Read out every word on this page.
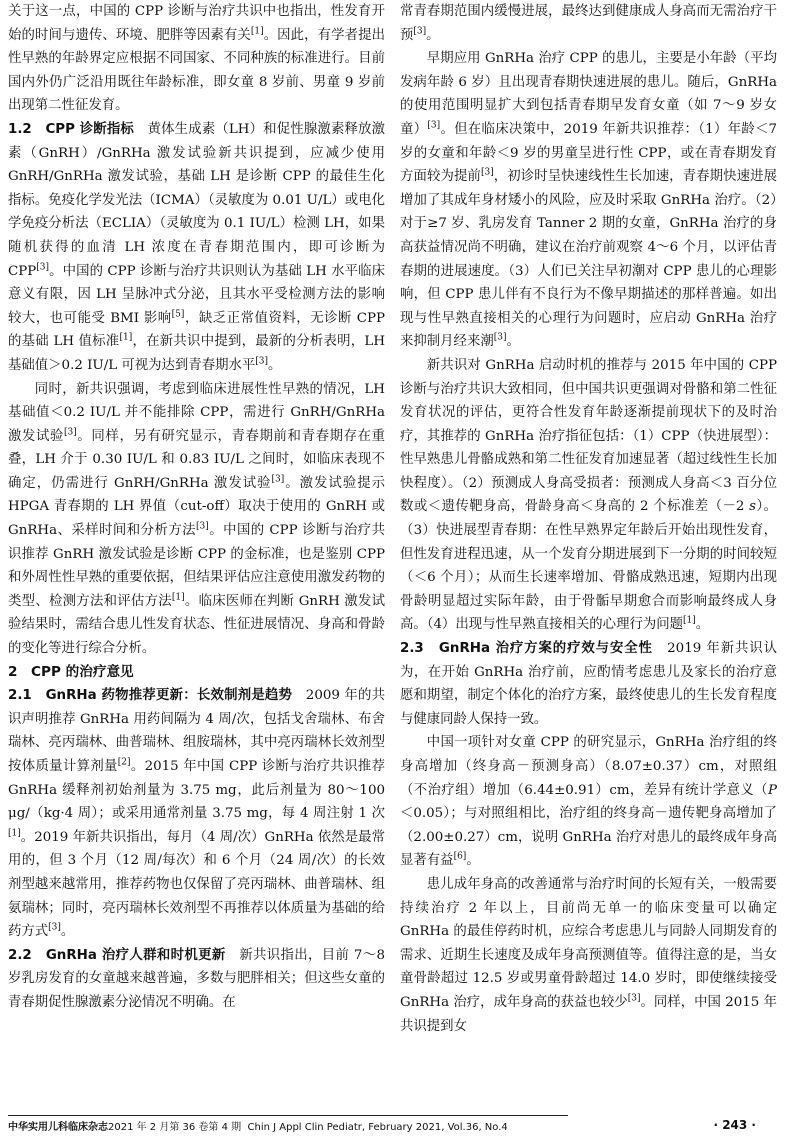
关于这一点，中国的 CPP 诊断与治疗共识中也指出，性发育开始的时间与遗传、环境、肥胖等因素有关[1]。因此，有学者提出性早熟的年龄界定应根据不同国家、不同种族的标准进行。目前国内外仍广泛沿用既往年龄标准，即女童 8 岁前、男童 9 岁前出现第二性征发育。

1.2　CPP 诊断指标　黄体生成素（LH）和促性腺激素释放激素（GnRH）/GnRHa 激发试验新共识提到，应减少使用 GnRH/GnRHa 激发试验，基础 LH 是诊断 CPP 的最佳生化指标。免疫化学发光法（ICMA）（灵敏度为 0.01 U/L）或电化学免疫分析法（ECLIA）（灵敏度为 0.1 IU/L）检测 LH，如果随机获得的血清 LH 浓度在青春期范围内，即可诊断为 CPP[3]。中国的 CPP 诊断与治疗共识则认为基础 LH 水平临床意义有限，因 LH 呈脉冲式分泌，且其水平受检测方法的影响较大，也可能受 BMI 影响[5]，缺乏正常值资料，无诊断 CPP 的基础 LH 值标准[1]，在新共识中提到，最新的分析表明，LH 基础值＞0.2 IU/L 可视为达到青春期水平[3]。

同时，新共识强调，考虑到临床进展性性早熟的情况，LH 基础值＜0.2 IU/L 并不能排除 CPP，需进行 GnRH/GnRHa 激发试验[3]。同样，另有研究显示，青春期前和青春期存在重叠，LH 介于 0.30 IU/L 和 0.83 IU/L 之间时，如临床表现不确定，仍需进行 GnRH/GnRHa 激发试验[3]。激发试验提示 HPGA 青春期的 LH 界值（cut-off）取决于使用的 GnRH 或 GnRHa、采样时间和分析方法[3]。中国的 CPP 诊断与治疗共识推荐 GnRH 激发试验是诊断 CPP 的金标准，也是鉴别 CPP 和外周性性早熟的重要依据，但结果评估应注意使用激发药物的类型、检测方法和评估方法[1]。临床医师在判断 GnRH 激发试验结果时，需结合患儿性发育状态、性征进展情况、身高和骨龄的变化等进行综合分析。

2　CPP 的治疗意见

2.1　GnRHa 药物推荐更新：长效制剂是趋势　2009 年的共识声明推荐 GnRHa 用药间隔为 4 周/次，包括戈舍瑞林、布舍瑞林、亮丙瑞林、曲普瑞林、组胺瑞林，其中亮丙瑞林长效剂型按体质量计算剂量[2]。2015 年中国 CPP 诊断与治疗共识推荐 GnRHa 缓释剂初始剂量为 3.75 mg，此后剂量为 80～100 μg/（kg·4 周）；或采用通常剂量 3.75 mg，每 4 周注射 1 次[1]。2019 年新共识指出，每月（4 周/次）GnRHa 依然是最常用的，但 3 个月（12 周/每次）和 6 个月（24 周/次）的长效剂型越来越常用，推荐药物也仅保留了亮丙瑞林、曲普瑞林、组氨瑞林；同时，亮丙瑞林长效剂型不再推荐以体质量为基础的给药方式[3]。

2.2　GnRHa 治疗人群和时机更新　新共识指出，目前 7～8 岁乳房发育的女童越来越普遍，多数与肥胖相关；但这些女童的青春期促性腺激素分泌情况不明确。在

常青春期范围内缓慢进展，最终达到健康成人身高而无需治疗干预[3]。

早期应用 GnRHa 治疗 CPP 的患儿，主要是小年龄（平均发病年龄 6 岁）且出现青春期快速进展的患儿。随后，GnRHa 的使用范围明显扩大到包括青春期早发育女童（如 7～9 岁女童）[3]。但在临床决策中，2019 年新共识推荐：（1）年龄＜7 岁的女童和年龄＜9 岁的男童呈进行性 CPP，或在青春期发育方面较为提前[3]，初诊时呈快速线性生长加速，青春期快速进展增加了其成年身材矮小的风险，应及时采取 GnRHa 治疗。（2）对于≥7 岁、乳房发育 Tanner 2 期的女童，GnRHa 治疗的身高获益情况尚不明确，建议在治疗前观察 4～6 个月，以评估青春期的进展速度。（3）人们已关注早初潮对 CPP 患儿的心理影响，但 CPP 患儿伴有不良行为不像早期描述的那样普遍。如出现与性早熟直接相关的心理行为问题时，应启动 GnRHa 治疗来抑制月经来潮[3]。

新共识对 GnRHa 启动时机的推荐与 2015 年中国的 CPP 诊断与治疗共识大致相同，但中国共识更强调对骨骼和第二性征发育状况的评估，更符合性发育年龄逐渐提前现状下的及时治疗，其推荐的 GnRHa 治疗指征包括：（1）CPP（快进展型）：性早熟患儿骨骼成熟和第二性征发育加速显著（超过线性生长加快程度）。（2）预测成人身高受损者：预测成人身高＜3 百分位数或＜遗传靶身高，骨龄身高＜身高的 2 个标准差（－2 s）。（3）快进展型青春期：在性早熟界定年龄后开始出现性发育，但性发育进程迅速，从一个发育分期进展到下一分期的时间较短（＜6 个月）；从而生长速率增加、骨骼成熟迅速，短期内出现骨龄明显超过实际年龄，由于骨骺早期愈合而影响最终成人身高。（4）出现与性早熟直接相关的心理行为问题[1]。

2.3　GnRHa 治疗方案的疗效与安全性　2019 年新共识认为，在开始 GnRHa 治疗前，应酌情考虑患儿及家长的治疗意愿和期望，制定个体化的治疗方案，最终使患儿的生长发育程度与健康同龄人保持一致。

中国一项针对女童 CPP 的研究显示，GnRHa 治疗组的终身高增加（终身高－预测身高）（8.07±0.37）cm，对照组（不治疗组）增加（6.44±0.91）cm，差异有统计学意义（P＜0.05）；与对照组相比，治疗组的终身高－遗传靶身高增加了（2.00±0.27）cm，说明 GnRHa 治疗对患儿的最终成年身高显著有益[6]。

患儿成年身高的改善通常与治疗时间的长短有关，一般需要持续治疗 2 年以上，目前尚无单一的临床变量可以确定 GnRHa 的最佳停药时机，应综合考虑患儿与同龄人同期发育的需求、近期生长速度及成年身高预测值等。值得注意的是，当女童骨龄超过 12.5 岁或男童骨龄超过 14.0 岁时，即使继续接受 GnRHa 治疗，成年身高的获益也较少[3]。同样，中国 2015 年共识提到女

中华实用儿科临床杂志2021 年 2 月第 36 卷第 4 期 Chin J Appl Clin Pediatr, February 2021, Vol.36, No.4	· 243 ·
